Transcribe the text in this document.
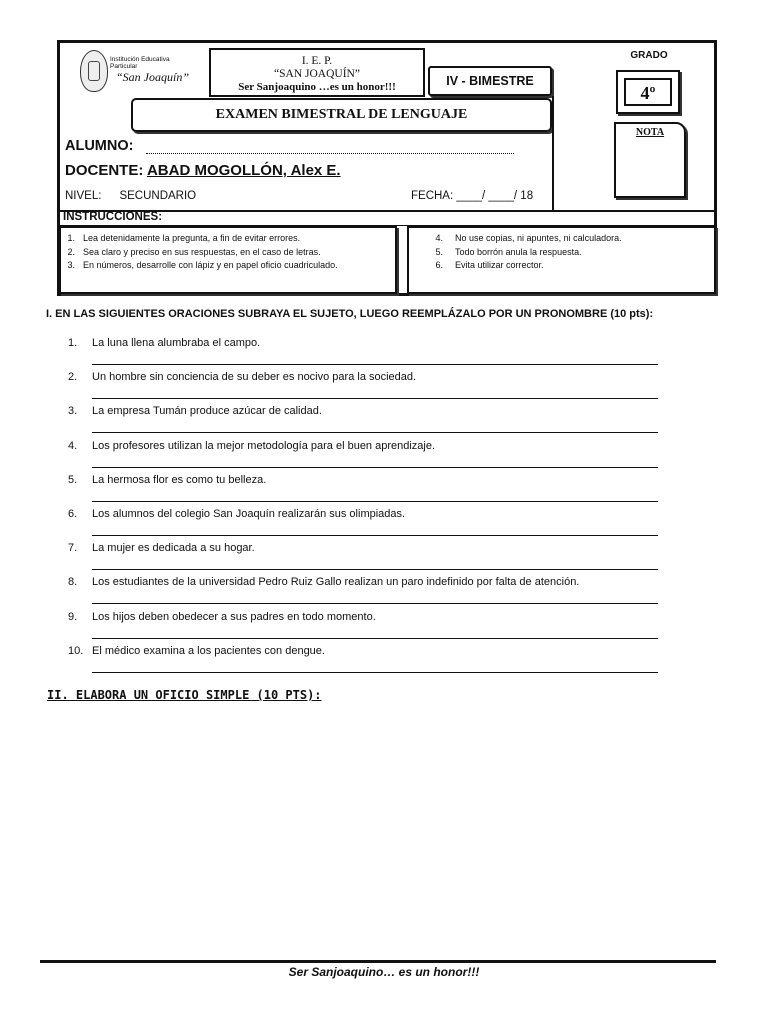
Institución Educativa Particular
“San Joaquín”
I. E. P.
“SAN JOAQUÍN”
Ser Sanjoaquino …es un honor!!!	IV - BIMESTRE
EXAMEN BIMESTRAL DE LENGUAJE
GRADO
4º
NOTA
ALUMNO:
DOCENTE: ABAD MOGOLLÓN, Alex E.
NIVEL: SECUNDARIO	FECHA: ____/ ____/ 18
INSTRUCCIONES:
1. Lea detenidamente la pregunta, a fin de evitar errores.
2. Sea claro y preciso en sus respuestas, en el caso de letras.
3. En números, desarrolle con lápiz y en papel oficio cuadriculado.
4.	No use copias, ni apuntes, ni calculadora.
5.	Todo borrón anula la respuesta.
6.	Evita utilizar corrector.
I. EN LAS SIGUIENTES ORACIONES SUBRAYA EL SUJETO, LUEGO REEMPLÁZALO POR UN PRONOMBRE (10 pts):
1. La luna llena alumbraba el campo.
2. Un hombre sin conciencia de su deber es nocivo para la sociedad.
3. La empresa Tumán produce azúcar de calidad.
4. Los profesores utilizan la mejor metodología para el buen aprendizaje.
5. La hermosa flor es como tu belleza.
6. Los alumnos del colegio San Joaquín realizarán sus olimpiadas.
7. La mujer es dedicada a su hogar.
8. Los estudiantes de la universidad Pedro Ruiz Gallo realizan un paro indefinido por falta de atención.
9. Los hijos deben obedecer a sus padres en todo momento.
10. El médico examina a los pacientes con dengue.
II. ELABORA UN OFICIO SIMPLE (10 PTS):
Ser Sanjoaquino… es un honor!!!
